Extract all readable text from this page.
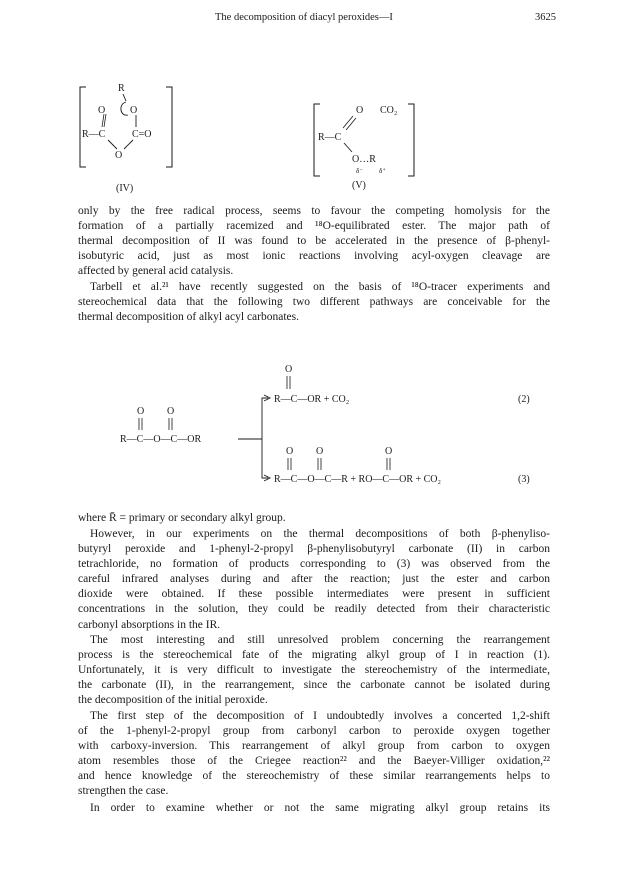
The decomposition of diacyl peroxides—I	3625
R
O O
R—C	C=O
O
(IV)
O CO₂
R—C
O…R
δ⁻ δ⁺
(V)
only by the free radical process, seems to favour the competing homolysis for the
formation of a partially racemized and ¹⁸O-equilibrated ester. The major path of
thermal decomposition of II was found to be accelerated in the presence of β-phenyl-
isobutyric acid, just as most ionic reactions involving acyl-oxygen cleavage are
affected by general acid catalysis.
Tarbell et al.²¹ have recently suggested on the basis of ¹⁸O-tracer experiments and
stereochemical data that the following two different pathways are conceivable for the
thermal decomposition of alkyl acyl carbonates.
O
R—C—OR + CO₂	(2)
O O
R—C—O—C—OR
O O	O
R—C—O—C—R + RO—C—OR + CO₂	(3)
where R̄ = primary or secondary alkyl group.
However, in our experiments on the thermal decompositions of both β-phenyliso-
butyryl peroxide and 1-phenyl-2-propyl β-phenylisobutyryl carbonate (II) in carbon
tetrachloride, no formation of products corresponding to (3) was observed from the
careful infrared analyses during and after the reaction; just the ester and carbon
dioxide were obtained. If these possible intermediates were present in sufficient
concentrations in the solution, they could be readily detected from their characteristic
carbonyl absorptions in the IR.
The most interesting and still unresolved problem concerning the rearrangement
process is the stereochemical fate of the migrating alkyl group of I in reaction (1).
Unfortunately, it is very difficult to investigate the stereochemistry of the intermediate,
the carbonate (II), in the rearrangement, since the carbonate cannot be isolated during
the decomposition of the initial peroxide.
The first step of the decomposition of I undoubtedly involves a concerted 1,2-shift
of the 1-phenyl-2-propyl group from carbonyl carbon to peroxide oxygen together
with carboxy-inversion. This rearrangement of alkyl group from carbon to oxygen
atom resembles those of the Criegee reaction²² and the Baeyer-Villiger oxidation,²²
and hence knowledge of the stereochemistry of these similar rearrangements helps to
strengthen the case.
In order to examine whether or not the same migrating alkyl group retains its
